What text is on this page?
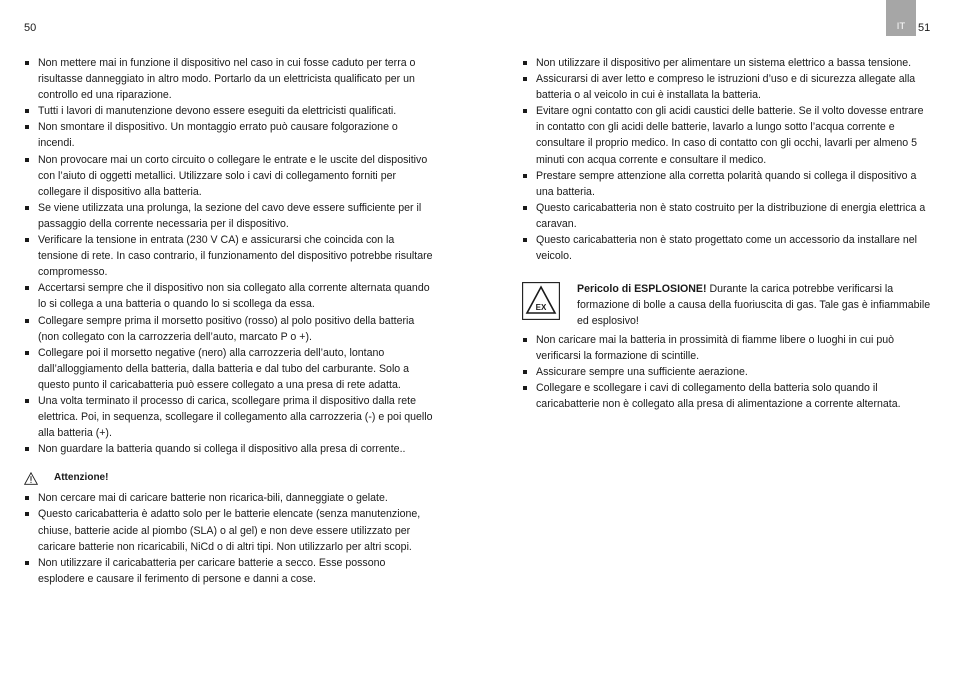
50	IT	51
Non mettere mai in funzione il dispositivo nel caso in cui fosse caduto per terra o risultasse danneggiato in altro modo. Portarlo da un elettricista qualificato per un controllo ed una riparazione.
Tutti i lavori di manutenzione devono essere eseguiti da elettricisti qualificati.
Non smontare il dispositivo. Un montaggio errato può causare folgorazione o incendi.
Non provocare mai un corto circuito o collegare le entrate e le uscite del dispositivo con l’aiuto di oggetti metallici. Utilizzare solo i cavi di collegamento forniti per collegare il dispositivo alla batteria.
Se viene utilizzata una prolunga, la sezione del cavo deve essere sufficiente per il passaggio della corrente necessaria per il dispositivo.
Verificare la tensione in entrata (230 V CA) e assicurarsi che coincida con la tensione di rete. In caso contrario, il funzionamento del dispositivo potrebbe risultare compromesso.
Accertarsi sempre che il dispositivo non sia collegato alla corrente alternata quando lo si collega a una batteria o quando lo si scollega da essa.
Collegare sempre prima il morsetto positivo (rosso) al polo positivo della batteria (non collegato con la carrozzeria dell’auto, marcato P o +).
Collegare poi il morsetto negative (nero) alla carrozzeria dell’auto, lontano dall’alloggiamento della batteria, dalla batteria e dal tubo del carburante. Solo a questo punto il caricabatteria può essere collegato a una presa di rete adatta.
Una volta terminato il processo di carica, scollegare prima il dispositivo dalla rete elettrica. Poi, in sequenza, scollegare il collegamento alla carrozzeria (-) e poi quello alla batteria (+).
Non guardare la batteria quando si collega il dispositivo alla presa di corrente..
Attenzione!
Non cercare mai di caricare batterie non ricarica-bili, danneggiate o gelate.
Questo caricabatteria è adatto solo per le batterie elencate (senza manutenzione, chiuse, batterie acide al piombo (SLA) o al gel) e non deve essere utilizzato per caricare batterie non ricaricabili, NiCd o di altri tipi. Non utilizzarlo per altri scopi.
Non utilizzare il caricabatteria per caricare batterie a secco. Esse possono esplodere e causare il ferimento di persone e danni a cose.
Non utilizzare il dispositivo per alimentare un sistema elettrico a bassa tensione.
Assicurarsi di aver letto e compreso le istruzioni d’uso e di sicurezza allegate alla batteria o al veicolo in cui è installata la batteria.
Evitare ogni contatto con gli acidi caustici delle batterie. Se il volto dovesse entrare in contatto con gli acidi delle batterie, lavarlo a lungo sotto l’acqua corrente e consultare il proprio medico. In caso di contatto con gli occhi, lavarli per almeno 5 minuti con acqua corrente e consultare il medico.
Prestare sempre attenzione alla corretta polarità quando si collega il dispositivo a una batteria.
Questo caricabatteria non è stato costruito per la distribuzione di energia elettrica a caravan.
Questo caricabatteria non è stato progettato come un accessorio da installare nel veicolo.
EX
Pericolo di ESPLOSIONE! Durante la carica potrebbe verificarsi la formazione di bolle a causa della fuoriuscita di gas. Tale gas è infiammabile ed esplosivo!
Non caricare mai la batteria in prossimità di fiamme libere o luoghi in cui può verificarsi la formazione di scintille.
Assicurare sempre una sufficiente aerazione.
Collegare e scollegare i cavi di collegamento della batteria solo quando il caricabatterie non è collegato alla presa di alimentazione a corrente alternata.
